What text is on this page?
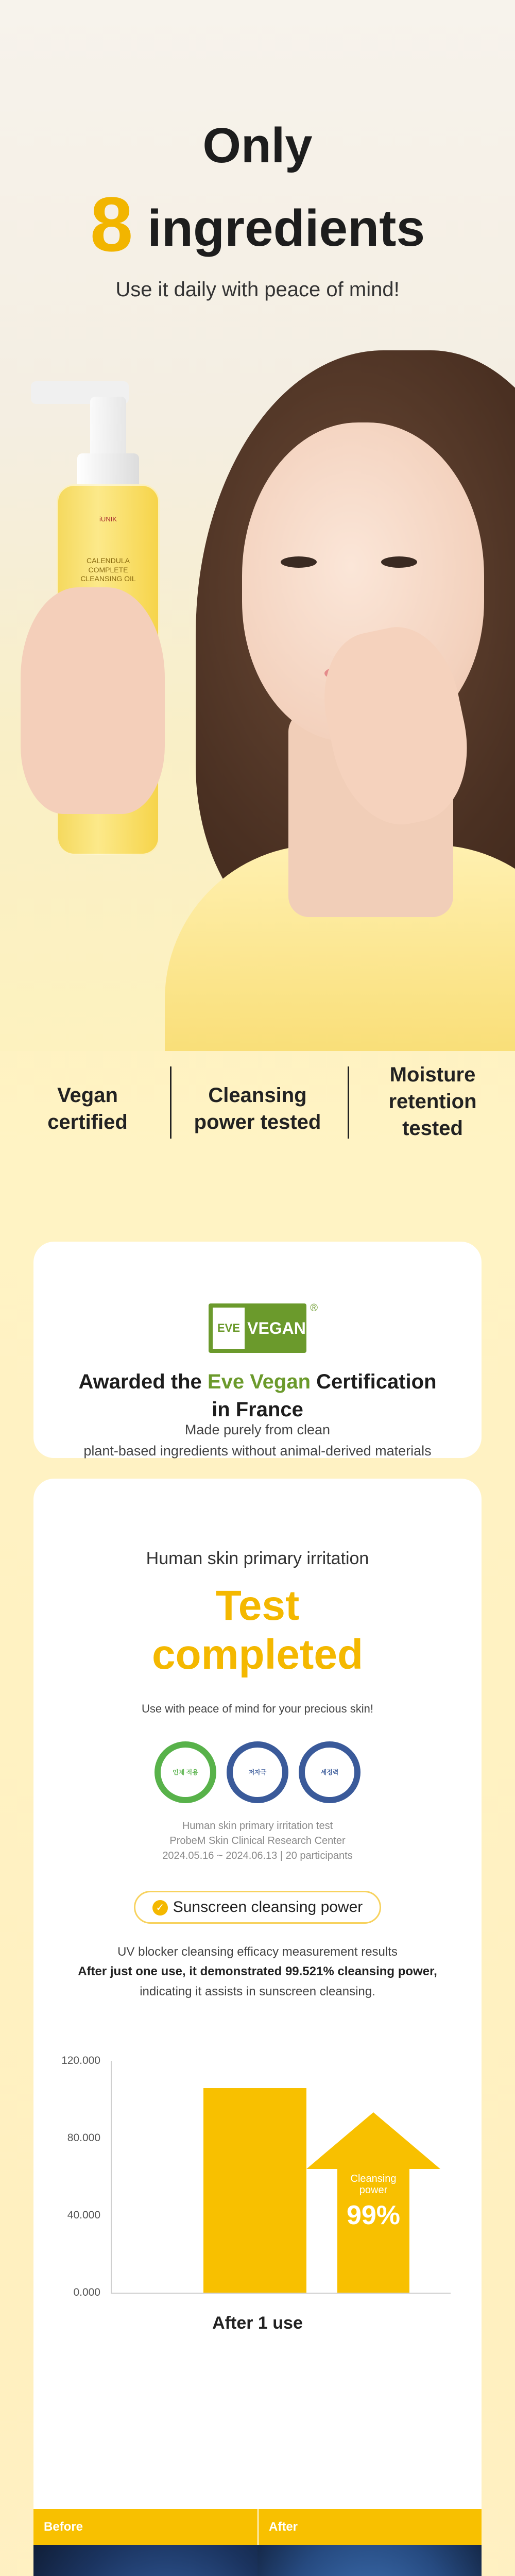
Only
8 ingredients
Use it daily with peace of mind!
iUNIK
CALENDULA COMPLETE CLEANSING OIL
Vegan
certified
Cleansing
power tested
Moisture
retention
tested
EVE VEGAN
®
Awarded the Eve Vegan Certification
in France
Made purely from clean
plant-based ingredients without animal-derived materials
Human skin primary irritation
Test
completed
Use with peace of mind for your precious skin!
인체 적용	저자극	세정력
Human skin primary irritation test
ProbeM Skin Clinical Research Center
2024.05.16 ~ 2024.06.13 | 20 participants
✓ Sunscreen cleansing power
UV blocker cleansing efficacy measurement results
After just one use, it demonstrated 99.521% cleansing power,
indicating it assists in sunscreen cleansing.
120.000
80.000
40.000
0.000
Cleansing
power
99%
After 1 use
Before	After
